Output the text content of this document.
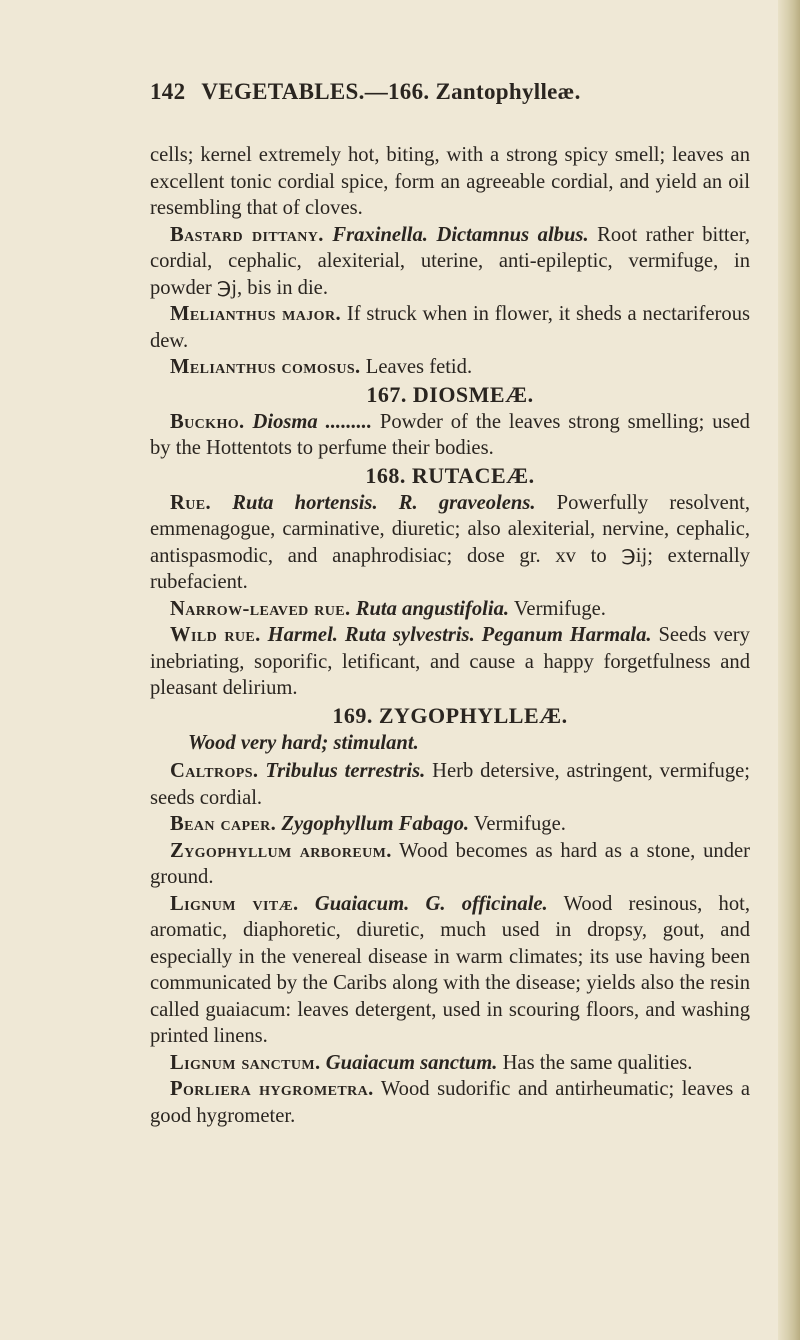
142 VEGETABLES.—166. Zantophylleæ.

cells; kernel extremely hot, biting, with a strong spicy smell; leaves an excellent tonic cordial spice, form an agreeable cordial, and yield an oil resembling that of cloves.

Bastard dittany. Fraxinella. Dictamnus albus. Root rather bitter, cordial, cephalic, alexiterial, uterine, anti-epileptic, vermifuge, in powder ℈j, bis in die.

Melianthus major. If struck when in flower, it sheds a nectariferous dew.

Melianthus comosus. Leaves fetid.

167. DIOSMEÆ.

Buckho. Diosma ......... Powder of the leaves strong smelling; used by the Hottentots to perfume their bodies.

168. RUTACEÆ.

Rue. Ruta hortensis. R. graveolens. Powerfully resolvent, emmenagogue, carminative, diuretic; also alexiterial, nervine, cephalic, antispasmodic, and anaphrodisiac; dose gr. xv to ℈ij; externally rubefacient.

Narrow-leaved rue. Ruta angustifolia. Vermifuge.

Wild rue. Harmel. Ruta sylvestris. Peganum Harmala. Seeds very inebriating, soporific, letificant, and cause a happy forgetfulness and pleasant delirium.

169. ZYGOPHYLLEÆ.
Wood very hard; stimulant.

Caltrops. Tribulus terrestris. Herb detersive, astringent, vermifuge; seeds cordial.

Bean caper. Zygophyllum Fabago. Vermifuge.

Zygophyllum arboreum. Wood becomes as hard as a stone, under ground.

Lignum vitæ. Guaiacum. G. officinale. Wood resinous, hot, aromatic, diaphoretic, diuretic, much used in dropsy, gout, and especially in the venereal disease in warm climates; its use having been communicated by the Caribs along with the disease; yields also the resin called guaiacum: leaves detergent, used in scouring floors, and washing printed linens.

Lignum sanctum. Guaiacum sanctum. Has the same qualities.

Porliera hygrometra. Wood sudorific and antirheumatic; leaves a good hygrometer.
